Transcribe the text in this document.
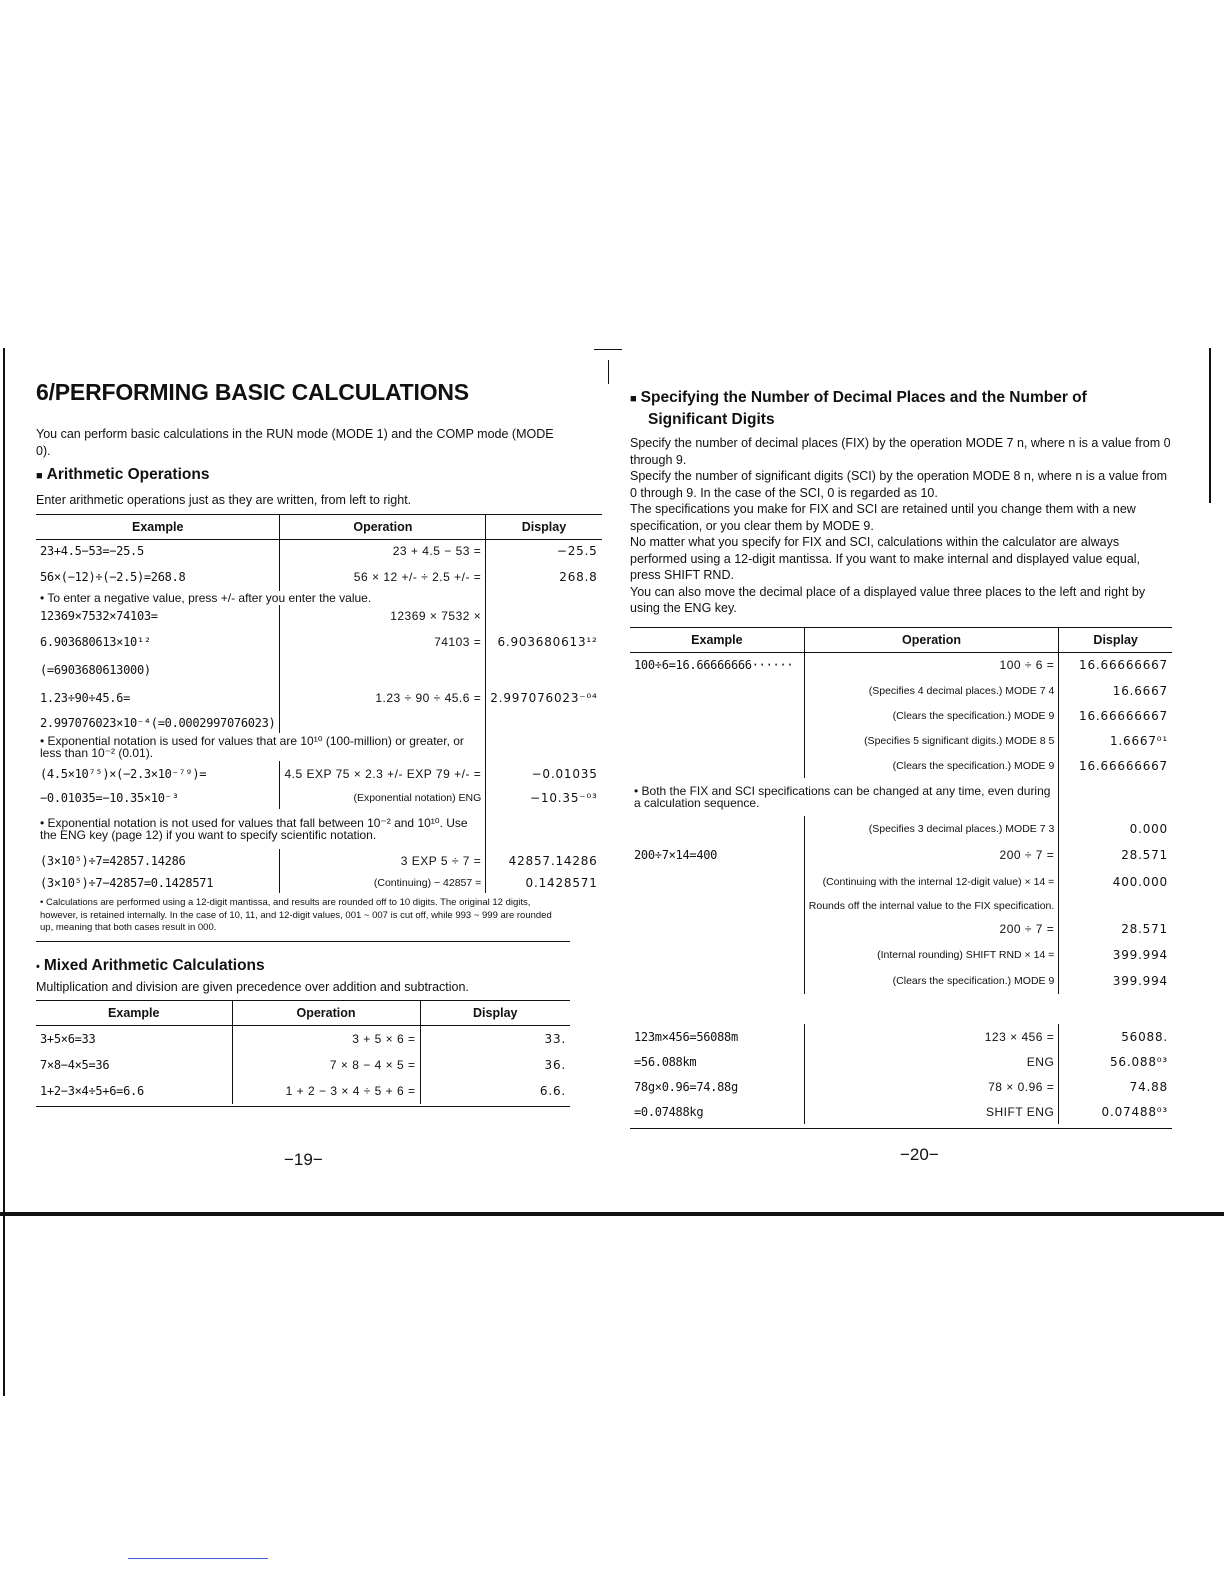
6/PERFORMING BASIC CALCULATIONS

You can perform basic calculations in the RUN mode (MODE 1) and the COMP mode (MODE 0).

■ Arithmetic Operations

Enter arithmetic operations just as they are written, from left to right.

Example	Operation	Display
23+4.5−53=−25.5	23 + 4.5 − 53 =	−25.5
56×(−12)÷(−2.5)=268.8	56 × 12 +/- ÷ 2.5 +/- =	268.8
• To enter a negative value, press +/- after you enter the value.		
12369×7532×74103=	12369 × 7532 ×	
6.903680613×10¹²	74103 =	6.903680613¹²
(=6903680613000)		
1.23÷90÷45.6=	1.23 ÷ 90 ÷ 45.6 =	2.997076023⁻⁰⁴
2.997076023×10⁻⁴(=0.0002997076023)		
• Exponential notation is used for values that are 10¹⁰ (100-million) or greater, or less than 10⁻² (0.01).		
(4.5×10⁷⁵)×(−2.3×10⁻⁷⁹)=	4.5 EXP 75 × 2.3 +/- EXP 79 +/- =	−0.01035
−0.01035=−10.35×10⁻³	(Exponential notation) ENG	−10.35⁻⁰³
• Exponential notation is not used for values that fall between 10⁻² and 10¹⁰. Use the ENG key (page 12) if you want to specify scientific notation.		
(3×10⁵)÷7=42857.14286	3 EXP 5 ÷ 7 =	42857.14286
(3×10⁵)÷7−42857=0.1428571	(Continuing) − 42857 =	0.1428571

• Calculations are performed using a 12-digit mantissa, and results are rounded off to 10 digits. The original 12 digits, however, is retained internally. In the case of 10, 11, and 12-digit values, 001 ~ 007 is cut off, while 993 ~ 999 are rounded up, meaning that both cases result in 000.

• Mixed Arithmetic Calculations

Multiplication and division are given precedence over addition and subtraction.

Example	Operation	Display
3+5×6=33	3 + 5 × 6 =	33.
7×8−4×5=36	7 × 8 − 4 × 5 =	36.
1+2−3×4÷5+6=6.6	1 + 2 − 3 × 4 ÷ 5 + 6 =	6.6.
−19−
■ Specifying the Number of Decimal Places and the Number of
Significant Digits

Specify the number of decimal places (FIX) by the operation MODE 7 n, where n is a value from 0 through 9.

Specify the number of significant digits (SCI) by the operation MODE 8 n, where n is a value from 0 through 9. In the case of the SCI, 0 is regarded as 10.

The specifications you make for FIX and SCI are retained until you change them with a new specification, or you clear them by MODE 9.

No matter what you specify for FIX and SCI, calculations within the calculator are always performed using a 12-digit mantissa. If you want to make internal and displayed value equal, press SHIFT RND.

You can also move the decimal place of a displayed value three places to the left and right by using the ENG key.

Example	Operation	Display
100÷6=16.66666666······	100 ÷ 6 =	16.66666667
	(Specifies 4 decimal places.) MODE 7 4	16.6667
	(Clears the specification.) MODE 9	16.66666667
	(Specifies 5 significant digits.) MODE 8 5	1.6667⁰¹
	(Clears the specification.) MODE 9	16.66666667
• Both the FIX and SCI specifications can be changed at any time, even during a calculation sequence.		
	(Specifies 3 decimal places.) MODE 7 3	0.000
200÷7×14=400	200 ÷ 7 =	28.571
	(Continuing with the internal 12-digit value) × 14 =	400.000
	Rounds off the internal value to the FIX specification.	
	200 ÷ 7 =	28.571
	(Internal rounding) SHIFT RND × 14 =	399.994
	(Clears the specification.) MODE 9	399.994

123m×456=56088m	123 × 456 =	56088.
=56.088km	ENG	56.088⁰³
78g×0.96=74.88g	78 × 0.96 =	74.88
=0.07488kg	SHIFT ENG	0.07488⁰³
−20−
